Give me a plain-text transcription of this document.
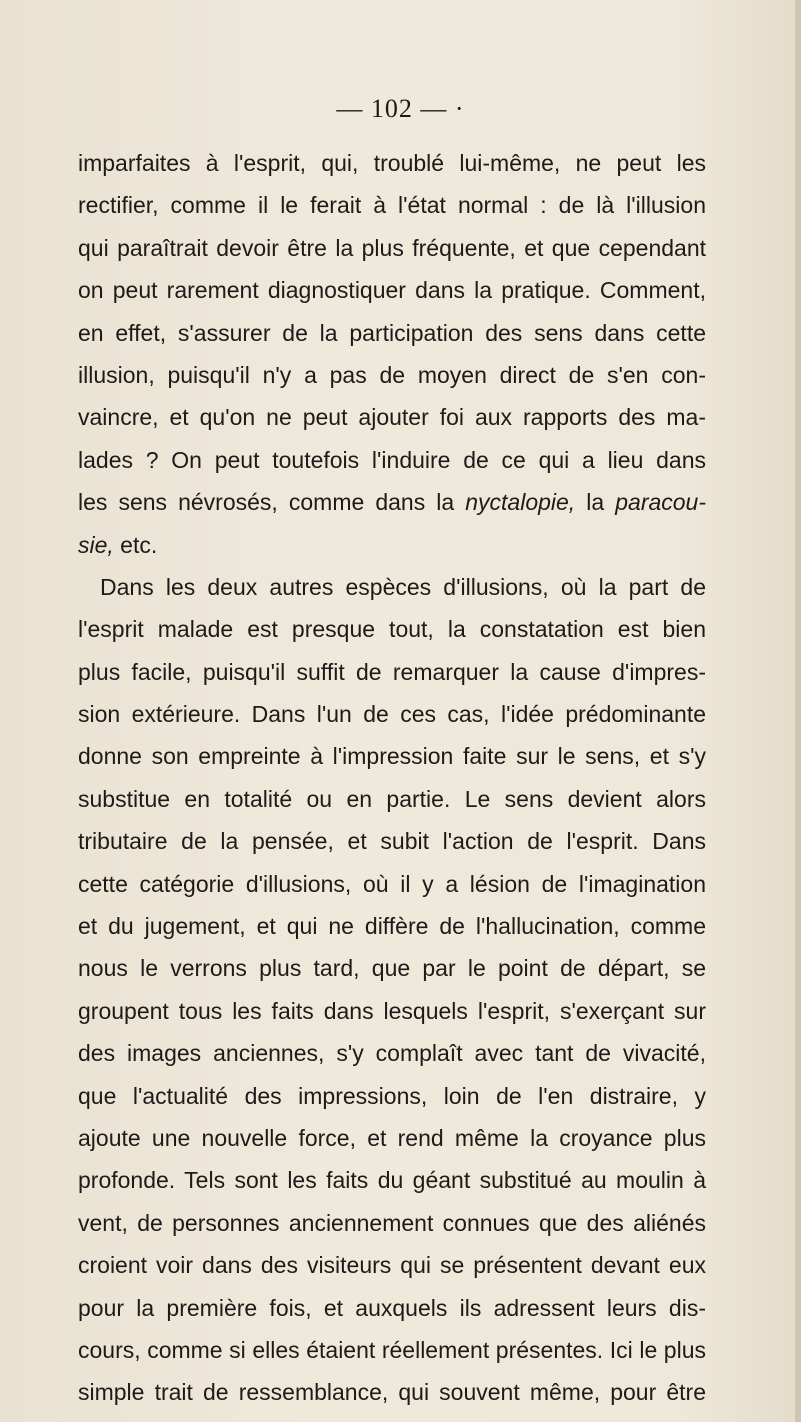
— 102 — ·
imparfaites à l'esprit, qui, troublé lui-même, ne peut les
rectifier, comme il le ferait à l'état normal : de là l'illusion
qui paraîtrait devoir être la plus fréquente, et que cependant
on peut rarement diagnostiquer dans la pratique. Comment,
en effet, s'assurer de la participation des sens dans cette
illusion, puisqu'il n'y a pas de moyen direct de s'en con-
vaincre, et qu'on ne peut ajouter foi aux rapports des ma-
lades ? On peut toutefois l'induire de ce qui a lieu dans
les sens névrosés, comme dans la nyctalopie, la paracou-
sie, etc.
Dans les deux autres espèces d'illusions, où la part de
l'esprit malade est presque tout, la constatation est bien
plus facile, puisqu'il suffit de remarquer la cause d'impres-
sion extérieure. Dans l'un de ces cas, l'idée prédominante
donne son empreinte à l'impression faite sur le sens, et s'y
substitue en totalité ou en partie. Le sens devient alors
tributaire de la pensée, et subit l'action de l'esprit. Dans
cette catégorie d'illusions, où il y a lésion de l'imagination
et du jugement, et qui ne diffère de l'hallucination, comme
nous le verrons plus tard, que par le point de départ, se
groupent tous les faits dans lesquels l'esprit, s'exerçant sur
des images anciennes, s'y complaît avec tant de vivacité,
que l'actualité des impressions, loin de l'en distraire, y
ajoute une nouvelle force, et rend même la croyance plus
profonde. Tels sont les faits du géant substitué au moulin à
vent, de personnes anciennement connues que des aliénés
croient voir dans des visiteurs qui se présentent devant eux
pour la première fois, et auxquels ils adressent leurs dis-
cours, comme si elles étaient réellement présentes. Ici le plus
simple trait de ressemblance, qui souvent même, pour être
